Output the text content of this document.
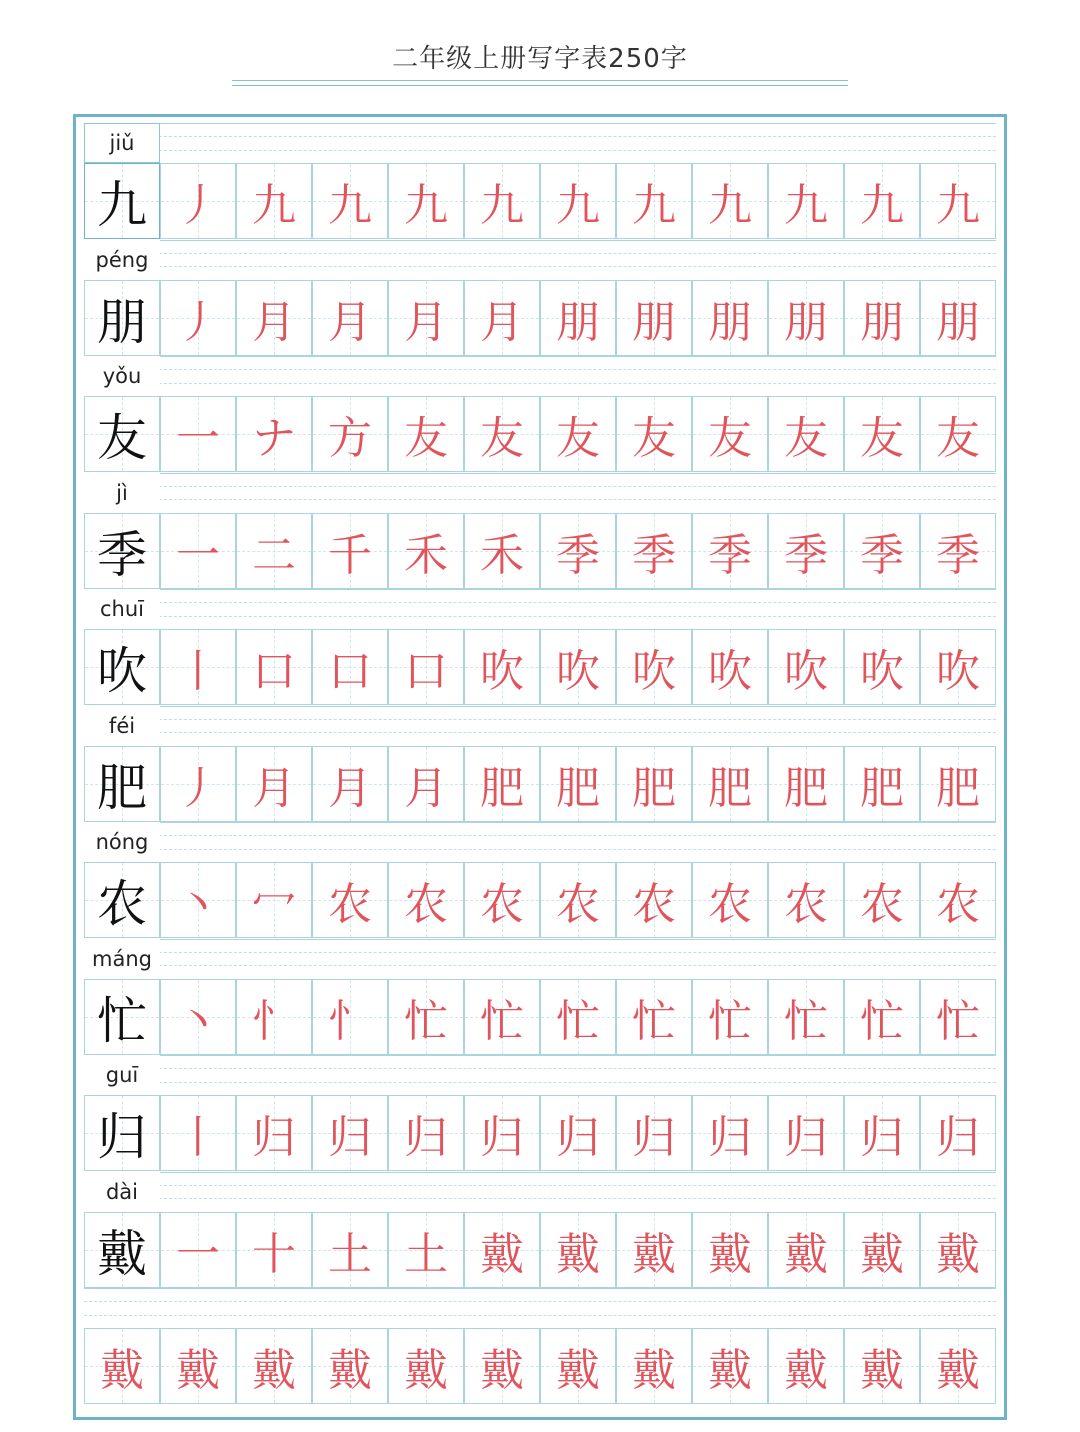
二年级上册写字表250字
jiǔ
九 丿 九 九 九 九 九 九 九 九 九 九
péng
朋 丿 月 月 月 月 朋 朋 朋 朋 朋 朋
yǒu
友 一 ナ 方 友 友 友 友 友 友 友 友
jì
季 一 二 千 禾 禾 季 季 季 季 季 季
chuī
吹 丨 口 口 口 吹 吹 吹 吹 吹 吹 吹
féi
肥 丿 月 月 月 肥 肥 肥 肥 肥 肥 肥
nóng
农 丶 冖 农 农 农 农 农 农 农 农 农
máng
忙 丶 忄 忄 忙 忙 忙 忙 忙 忙 忙 忙
guī
归 丨 归 归 归 归 归 归 归 归 归 归
dài
戴 一 十 土 土 戴 戴 戴 戴 戴 戴 戴
戴 戴 戴 戴 戴 戴 戴 戴 戴 戴 戴 戴
